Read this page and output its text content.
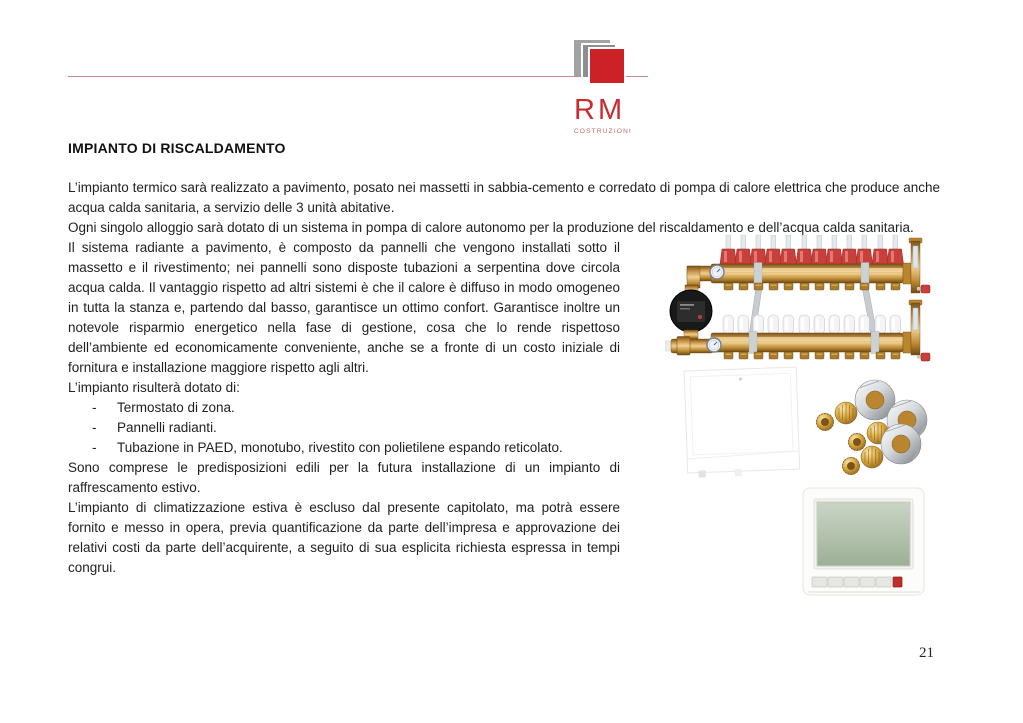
RM
COSTRUZIONI
IMPIANTO DI RISCALDAMENTO

L’impianto termico sarà realizzato a pavimento, posato nei massetti in sabbia-cemento e corredato di pompa di calore elettrica che produce anche acqua calda sanitaria, a servizio delle 3 unità abitative.

Ogni singolo alloggio sarà dotato di un sistema in pompa di calore autonomo per la produzione del riscaldamento e dell’acqua calda sanitaria.

Il sistema radiante a pavimento, è composto da pannelli che vengono installati sotto il massetto e il rivestimento; nei pannelli sono disposte tubazioni a serpentina dove circola acqua calda. Il vantaggio rispetto ad altri sistemi è che il calore è diffuso in modo omogeneo in tutta la stanza e, partendo dal basso, garantisce un ottimo confort. Garantisce inoltre un notevole risparmio energetico nella fase di gestione, cosa che lo rende rispettoso dell’ambiente ed economicamente conveniente, anche se a fronte di un costo iniziale di fornitura e installazione maggiore rispetto agli altri.

L’impianto risulterà dotato di:

-	Termostato di zona.
-	Pannelli radianti.
-	Tubazione in PAED, monotubo, rivestito con polietilene espando reticolato.

Sono comprese le predisposizioni edili per la futura installazione di un impianto di raffrescamento estivo.

L’impianto di climatizzazione estiva è escluso dal presente capitolato, ma potrà essere fornito e messo in opera, previa quantificazione da parte dell’impresa e approvazione dei relativi costi da parte dell’acquirente, a seguito di sua esplicita richiesta espressa in tempi congrui.

21
